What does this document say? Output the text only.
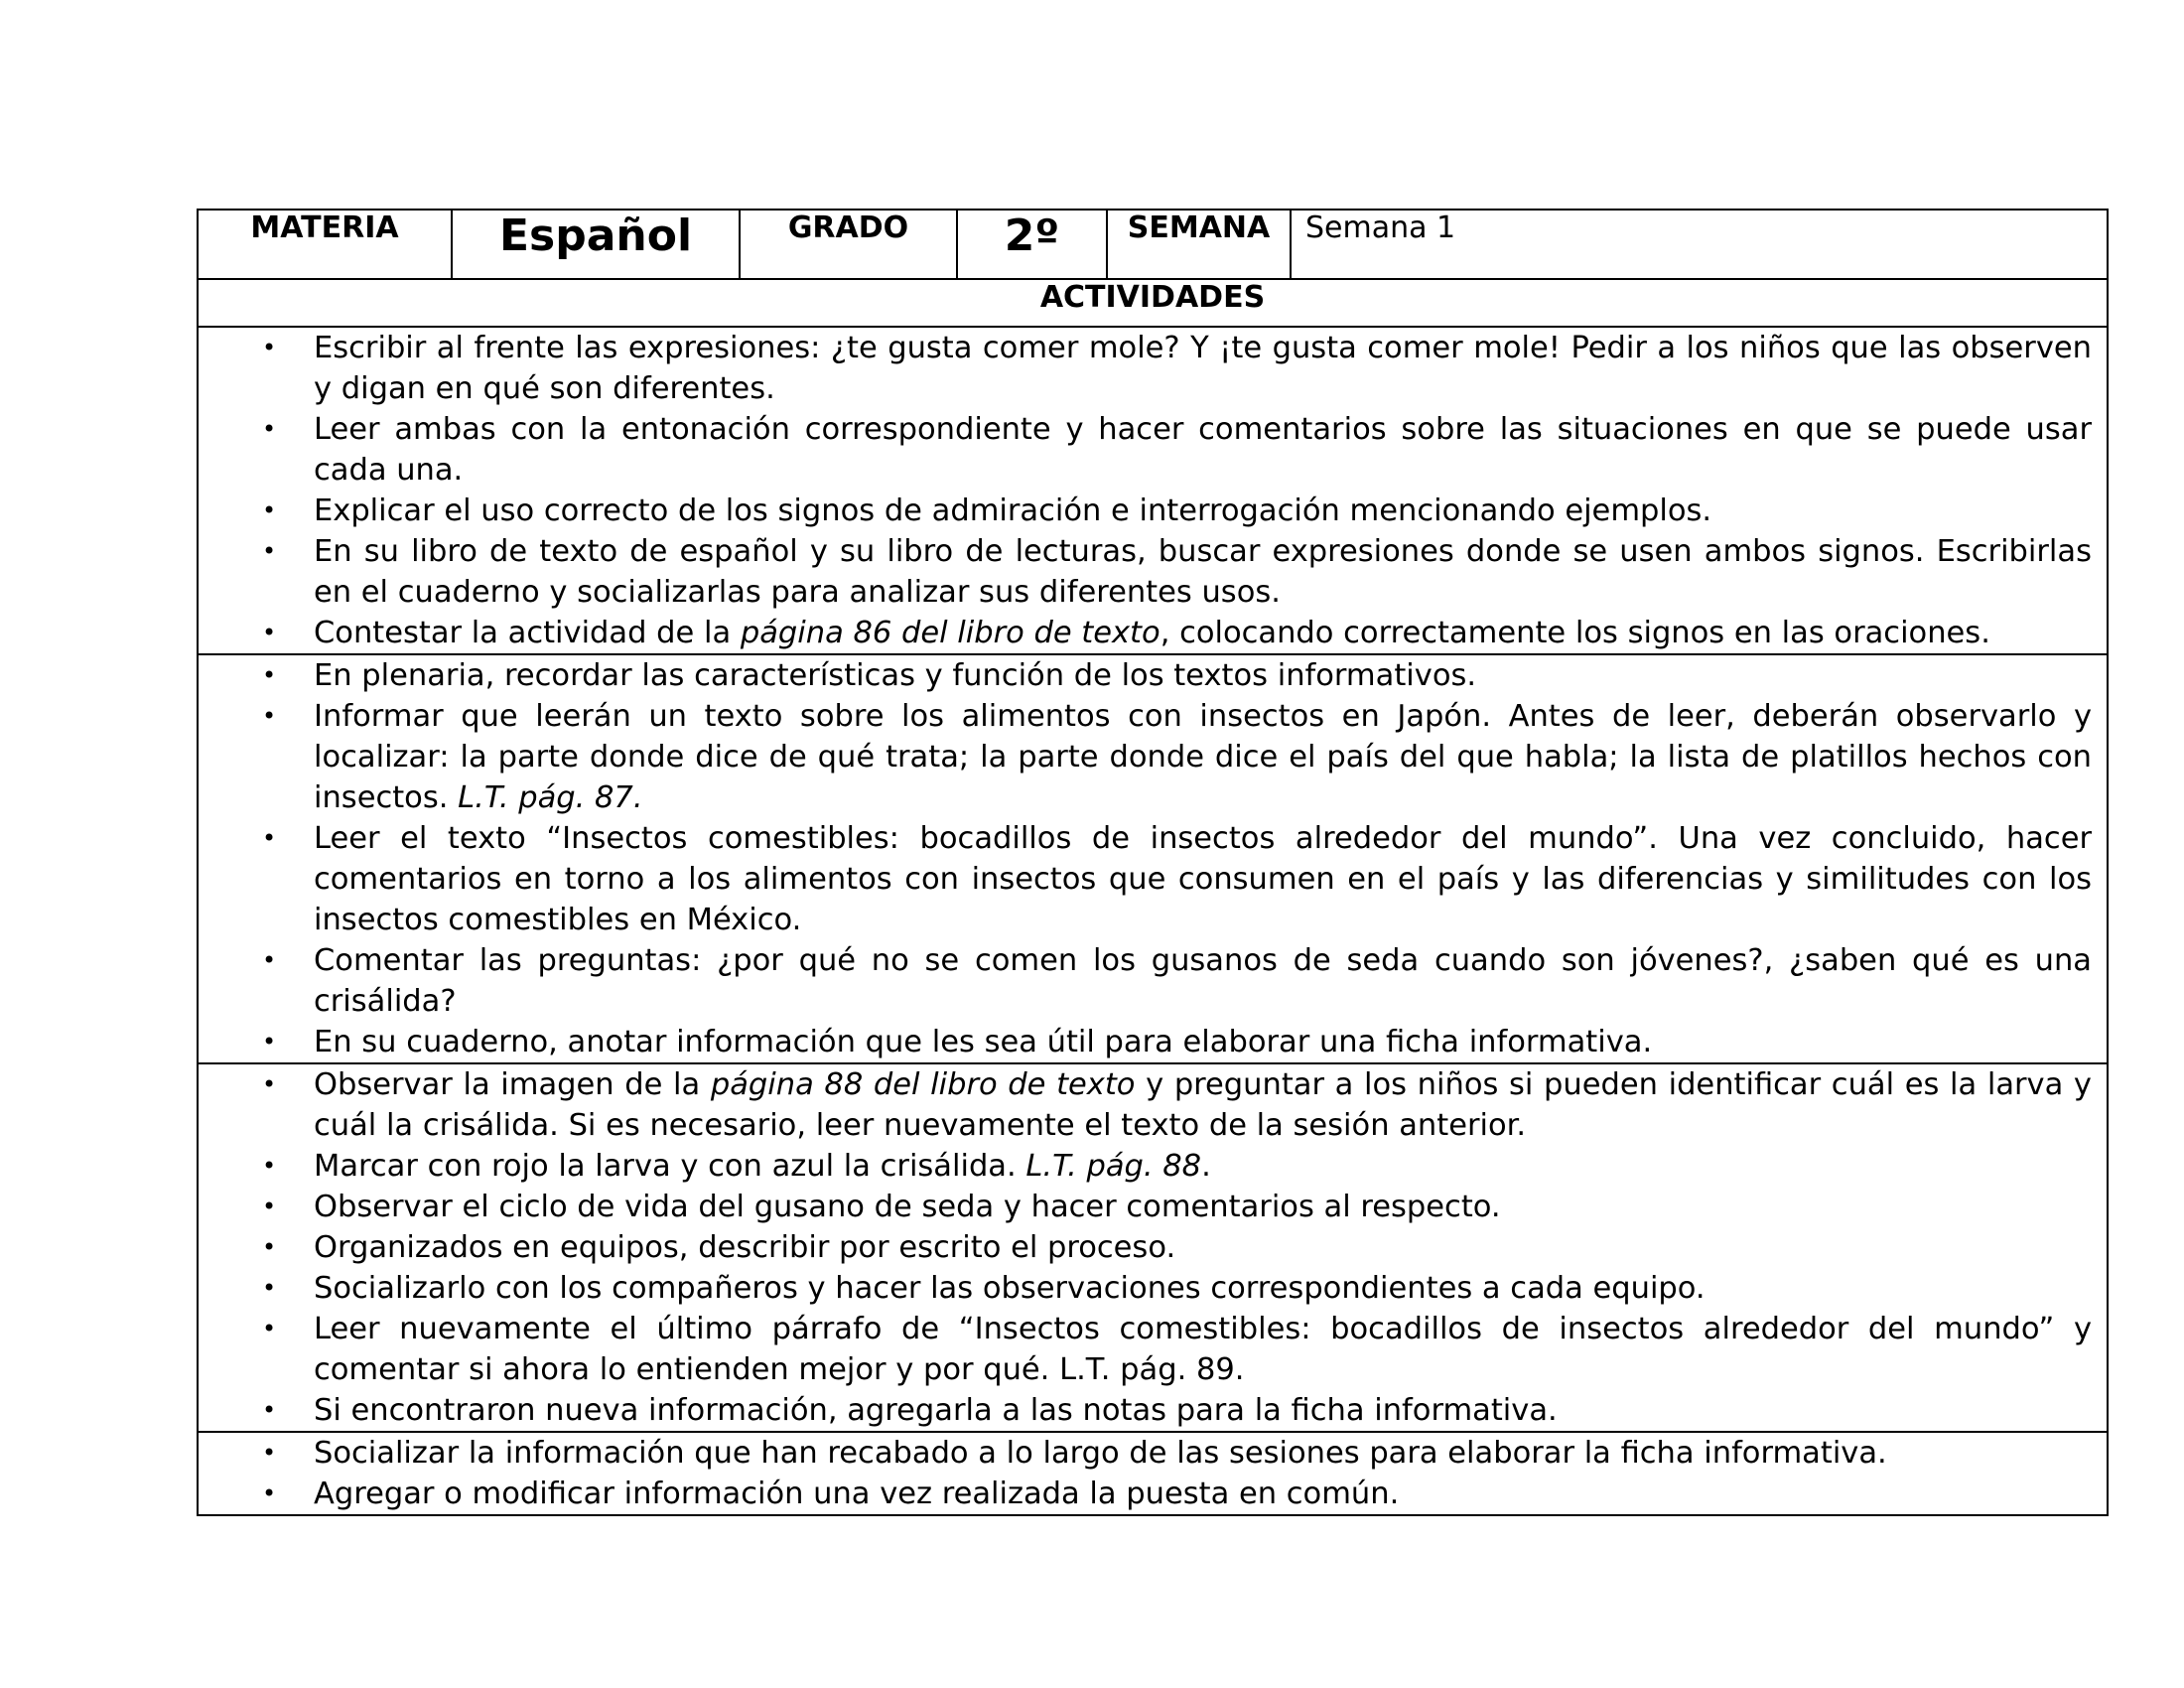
MATERIA	Español	GRADO	2º	SEMANA	Semana 1
ACTIVIDADES

• Escribir al frente las expresiones: ¿te gusta comer mole? Y ¡te gusta comer mole! Pedir a los niños que las observen y digan en qué son diferentes.
• Leer ambas con la entonación correspondiente y hacer comentarios sobre las situaciones en que se puede usar cada una.
• Explicar el uso correcto de los signos de admiración e interrogación mencionando ejemplos.
• En su libro de texto de español y su libro de lecturas, buscar expresiones donde se usen ambos signos. Escribirlas en el cuaderno y socializarlas para analizar sus diferentes usos.
• Contestar la actividad de la página 86 del libro de texto, colocando correctamente los signos en las oraciones.

• En plenaria, recordar las características y función de los textos informativos.
• Informar que leerán un texto sobre los alimentos con insectos en Japón. Antes de leer, deberán observarlo y localizar: la parte donde dice de qué trata; la parte donde dice el país del que habla; la lista de platillos hechos con insectos. L.T. pág. 87.
• Leer el texto “Insectos comestibles: bocadillos de insectos alrededor del mundo”. Una vez concluido, hacer comentarios en torno a los alimentos con insectos que consumen en el país y las diferencias y similitudes con los insectos comestibles en México.
• Comentar las preguntas: ¿por qué no se comen los gusanos de seda cuando son jóvenes?, ¿saben qué es una crisálida?
• En su cuaderno, anotar información que les sea útil para elaborar una ficha informativa.

• Observar la imagen de la página 88 del libro de texto y preguntar a los niños si pueden identificar cuál es la larva y cuál la crisálida. Si es necesario, leer nuevamente el texto de la sesión anterior.
• Marcar con rojo la larva y con azul la crisálida. L.T. pág. 88.
• Observar el ciclo de vida del gusano de seda y hacer comentarios al respecto.
• Organizados en equipos, describir por escrito el proceso.
• Socializarlo con los compañeros y hacer las observaciones correspondientes a cada equipo.
• Leer nuevamente el último párrafo de “Insectos comestibles: bocadillos de insectos alrededor del mundo” y comentar si ahora lo entienden mejor y por qué. L.T. pág. 89.
• Si encontraron nueva información, agregarla a las notas para la ficha informativa.

• Socializar la información que han recabado a lo largo de las sesiones para elaborar la ficha informativa.
• Agregar o modificar información una vez realizada la puesta en común.
